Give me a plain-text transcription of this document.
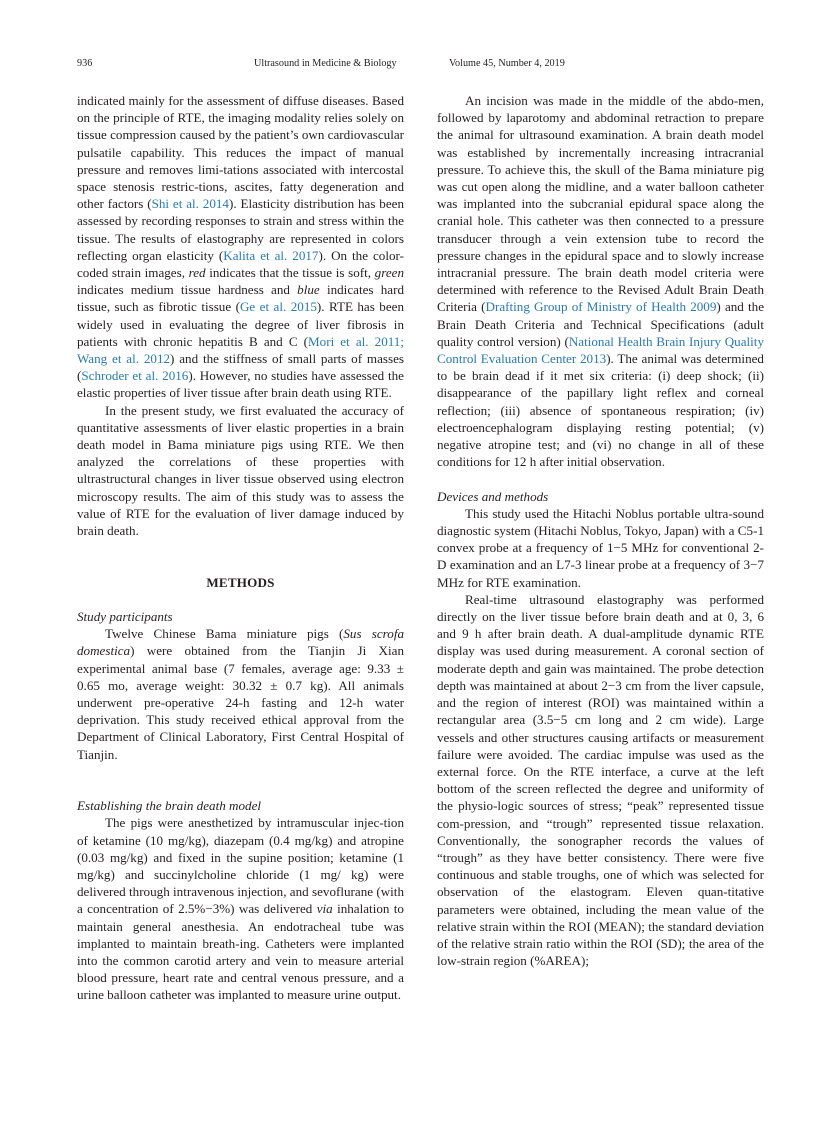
936	Ultrasound in Medicine & Biology	Volume 45, Number 4, 2019

indicated mainly for the assessment of diffuse diseases. Based on the principle of RTE, the imaging modality relies solely on tissue compression caused by the patient’s own cardiovascular pulsatile capability. This reduces the impact of manual pressure and removes limi-tations associated with intercostal space stenosis restric-tions, ascites, fatty degeneration and other factors (Shi et al. 2014). Elasticity distribution has been assessed by recording responses to strain and stress within the tissue. The results of elastography are represented in colors reflecting organ elasticity (Kalita et al. 2017). On the color-coded strain images, red indicates that the tissue is soft, green indicates medium tissue hardness and blue indicates hard tissue, such as fibrotic tissue (Ge et al. 2015). RTE has been widely used in evaluating the degree of liver fibrosis in patients with chronic hepatitis B and C (Mori et al. 2011; Wang et al. 2012) and the stiffness of small parts of masses (Schroder et al. 2016). However, no studies have assessed the elastic properties of liver tissue after brain death using RTE.

In the present study, we first evaluated the accuracy of quantitative assessments of liver elastic properties in a brain death model in Bama miniature pigs using RTE. We then analyzed the correlations of these properties with ultrastructural changes in liver tissue observed using electron microscopy results. The aim of this study was to assess the value of RTE for the evaluation of liver damage induced by brain death.

METHODS
Study participants

Twelve Chinese Bama miniature pigs (Sus scrofa domestica) were obtained from the Tianjin Ji Xian experimental animal base (7 females, average age: 9.33 ± 0.65 mo, average weight: 30.32 ± 0.7 kg). All animals underwent pre-operative 24-h fasting and 12-h water deprivation. This study received ethical approval from the Department of Clinical Laboratory, First Central Hospital of Tianjin.

Establishing the brain death model

The pigs were anesthetized by intramuscular injec-tion of ketamine (10 mg/kg), diazepam (0.4 mg/kg) and atropine (0.03 mg/kg) and fixed in the supine position; ketamine (1 mg/kg) and succinylcholine chloride (1 mg/ kg) were delivered through intravenous injection, and sevoflurane (with a concentration of 2.5%−3%) was delivered via inhalation to maintain general anesthesia. An endotracheal tube was implanted to maintain breath-ing. Catheters were implanted into the common carotid artery and vein to measure arterial blood pressure, heart rate and central venous pressure, and a urine balloon catheter was implanted to measure urine output.

An incision was made in the middle of the abdo-men, followed by laparotomy and abdominal retraction to prepare the animal for ultrasound examination. A brain death model was established by incrementally increasing intracranial pressure. To achieve this, the skull of the Bama miniature pig was cut open along the midline, and a water balloon catheter was implanted into the subcranial epidural space along the cranial hole. This catheter was then connected to a pressure transducer through a vein extension tube to record the pressure changes in the epidural space and to slowly increase intracranial pressure. The brain death model criteria were determined with reference to the Revised Adult Brain Death Criteria (Drafting Group of Ministry of Health 2009) and the Brain Death Criteria and Technical Specifications (adult quality control version) (National Health Brain Injury Quality Control Evaluation Center 2013). The animal was determined to be brain dead if it met six criteria: (i) deep shock; (ii) disappearance of the papillary light reflex and corneal reflection; (iii) absence of spontaneous respiration; (iv) electroencephalogram displaying resting potential; (v) negative atropine test; and (vi) no change in all of these conditions for 12 h after initial observation.

Devices and methods

This study used the Hitachi Noblus portable ultra-sound diagnostic system (Hitachi Noblus, Tokyo, Japan) with a C5-1 convex probe at a frequency of 1−5 MHz for conventional 2-D examination and an L7-3 linear probe at a frequency of 3−7 MHz for RTE examination.

Real-time ultrasound elastography was performed directly on the liver tissue before brain death and at 0, 3, 6 and 9 h after brain death. A dual-amplitude dynamic RTE display was used during measurement. A coronal section of moderate depth and gain was maintained. The probe detection depth was maintained at about 2−3 cm from the liver capsule, and the region of interest (ROI) was maintained within a rectangular area (3.5−5 cm long and 2 cm wide). Large vessels and other structures causing artifacts or measurement failure were avoided. The cardiac impulse was used as the external force. On the RTE interface, a curve at the left bottom of the screen reflected the degree and uniformity of the physio-logic sources of stress; “peak” represented tissue com-pression, and “trough” represented tissue relaxation. Conventionally, the sonographer records the values of “trough” as they have better consistency. There were five continuous and stable troughs, one of which was selected for observation of the elastogram. Eleven quan-titative parameters were obtained, including the mean value of the relative strain within the ROI (MEAN); the standard deviation of the relative strain ratio within the ROI (SD); the area of the low-strain region (%AREA);
